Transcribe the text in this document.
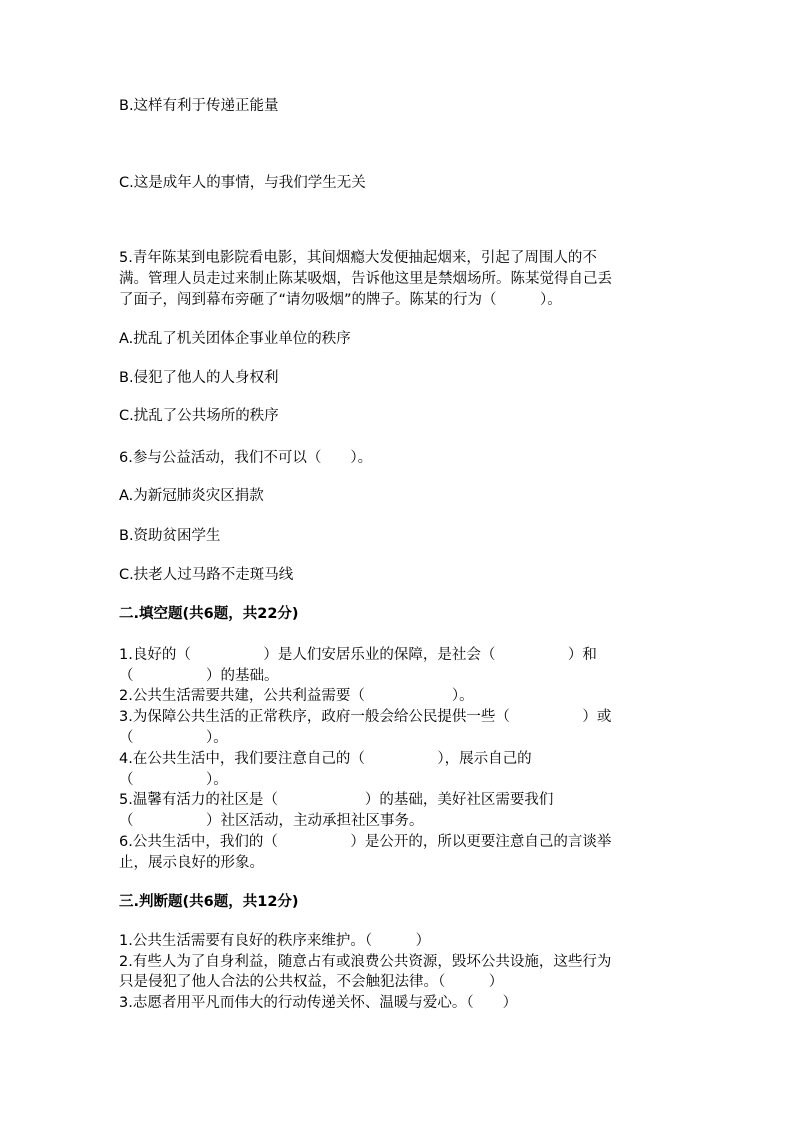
B.这样有利于传递正能量
C.这是成年人的事情，与我们学生无关
5.青年陈某到电影院看电影，其间烟瘾大发便抽起烟来，引起了周围人的不
满。管理人员走过来制止陈某吸烟，告诉他这里是禁烟场所。陈某觉得自己丢
了面子，闯到幕布旁砸了“请勿吸烟”的牌子。陈某的行为（　　　）。
A.扰乱了机关团体企事业单位的秩序
B.侵犯了他人的人身权利
C.扰乱了公共场所的秩序
6.参与公益活动，我们不可以（　　）。
A.为新冠肺炎灾区捐款
B.资助贫困学生
C.扶老人过马路不走斑马线
二.填空题(共6题，共22分)
1.良好的（　　　　　）是人们安居乐业的保障，是社会（　　　　　）和
（　　　　　）的基础。
2.公共生活需要共建，公共利益需要（　　　　　　）。
3.为保障公共生活的正常秩序，政府一般会给公民提供一些（　　　　　）或
（　　　　　）。
4.在公共生活中，我们要注意自己的（　　　　　），展示自己的
（　　　　　）。
5.温馨有活力的社区是（　　　　　　）的基础，美好社区需要我们
（　　　　　）社区活动，主动承担社区事务。
6.公共生活中，我们的（　　　　　）是公开的，所以更要注意自己的言谈举
止，展示良好的形象。
三.判断题(共6题，共12分)
1.公共生活需要有良好的秩序来维护。（　　　）
2.有些人为了自身利益，随意占有或浪费公共资源，毁坏公共设施，这些行为
只是侵犯了他人合法的公共权益，不会触犯法律。（　　　）
3.志愿者用平凡而伟大的行动传递关怀、温暖与爱心。（　　）
